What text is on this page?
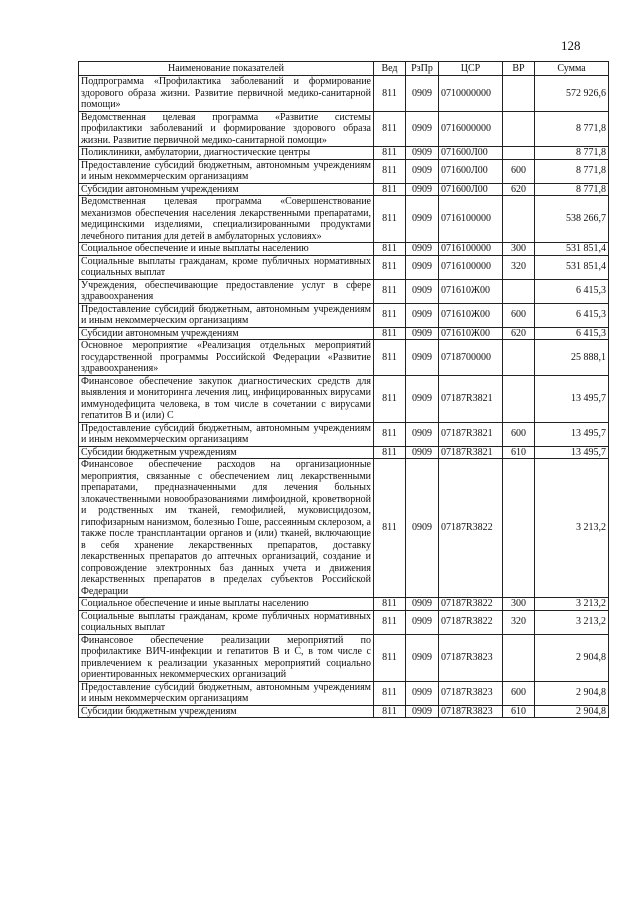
128
Наименование показателей	Вед	РзПр	ЦСР	ВР	Сумма
Подпрограмма «Профилактика заболеваний и формирование здорового образа жизни. Развитие первичной медико-санитарной помощи»	811	0909	0710000000		572 926,6
Ведомственная целевая программа «Развитие системы профилактики заболеваний и формирование здорового образа жизни. Развитие первичной медико-санитарной помощи»	811	0909	0716000000		8 771,8
Поликлиники, амбулатории, диагностические центры	811	0909	071600Л00		8 771,8
Предоставление субсидий бюджетным, автономным учреждениям и иным некоммерческим организациям	811	0909	071600Л00	600	8 771,8
Субсидии автономным учреждениям	811	0909	071600Л00	620	8 771,8
Ведомственная целевая программа «Совершенствование механизмов обеспечения населения лекарственными препаратами, медицинскими изделиями, специализированными продуктами лечебного питания для детей в амбулаторных условиях»	811	0909	0716100000		538 266,7
Социальное обеспечение и иные выплаты населению	811	0909	0716100000	300	531 851,4
Социальные выплаты гражданам, кроме публичных нормативных социальных выплат	811	0909	0716100000	320	531 851,4
Учреждения, обеспечивающие предоставление услуг в сфере здравоохранения	811	0909	071610Ж00		6 415,3
Предоставление субсидий бюджетным, автономным учреждениям и иным некоммерческим организациям	811	0909	071610Ж00	600	6 415,3
Субсидии автономным учреждениям	811	0909	071610Ж00	620	6 415,3
Основное мероприятие «Реализация отдельных мероприятий государственной программы Российской Федерации «Развитие здравоохранения»	811	0909	0718700000		25 888,1
Финансовое обеспечение закупок диагностических средств для выявления и мониторинга лечения лиц, инфицированных вирусами иммунодефицита человека, в том числе в сочетании с вирусами гепатитов В и (или) С	811	0909	07187R3821		13 495,7
Предоставление субсидий бюджетным, автономным учреждениям и иным некоммерческим организациям	811	0909	07187R3821	600	13 495,7
Субсидии бюджетным учреждениям	811	0909	07187R3821	610	13 495,7
Финансовое обеспечение расходов на организационные мероприятия, связанные с обеспечением лиц лекарственными препаратами, предназначенными для лечения больных злокачественными новообразованиями лимфоидной, кроветворной и родственных им тканей, гемофилией, муковисцидозом, гипофизарным нанизмом, болезнью Гоше, рассеянным склерозом, а также после трансплантации органов и (или) тканей, включающие в себя хранение лекарственных препаратов, доставку лекарственных препаратов до аптечных организаций, создание и сопровождение электронных баз данных учета и движения лекарственных препаратов в пределах субъектов Российской Федерации	811	0909	07187R3822		3 213,2
Социальное обеспечение и иные выплаты населению	811	0909	07187R3822	300	3 213,2
Социальные выплаты гражданам, кроме публичных нормативных социальных выплат	811	0909	07187R3822	320	3 213,2
Финансовое обеспечение реализации мероприятий по профилактике ВИЧ-инфекции и гепатитов В и С, в том числе с привлечением к реализации указанных мероприятий социально ориентированных некоммерческих организаций	811	0909	07187R3823		2 904,8
Предоставление субсидий бюджетным, автономным учреждениям и иным некоммерческим организациям	811	0909	07187R3823	600	2 904,8
Субсидии бюджетным учреждениям	811	0909	07187R3823	610	2 904,8
